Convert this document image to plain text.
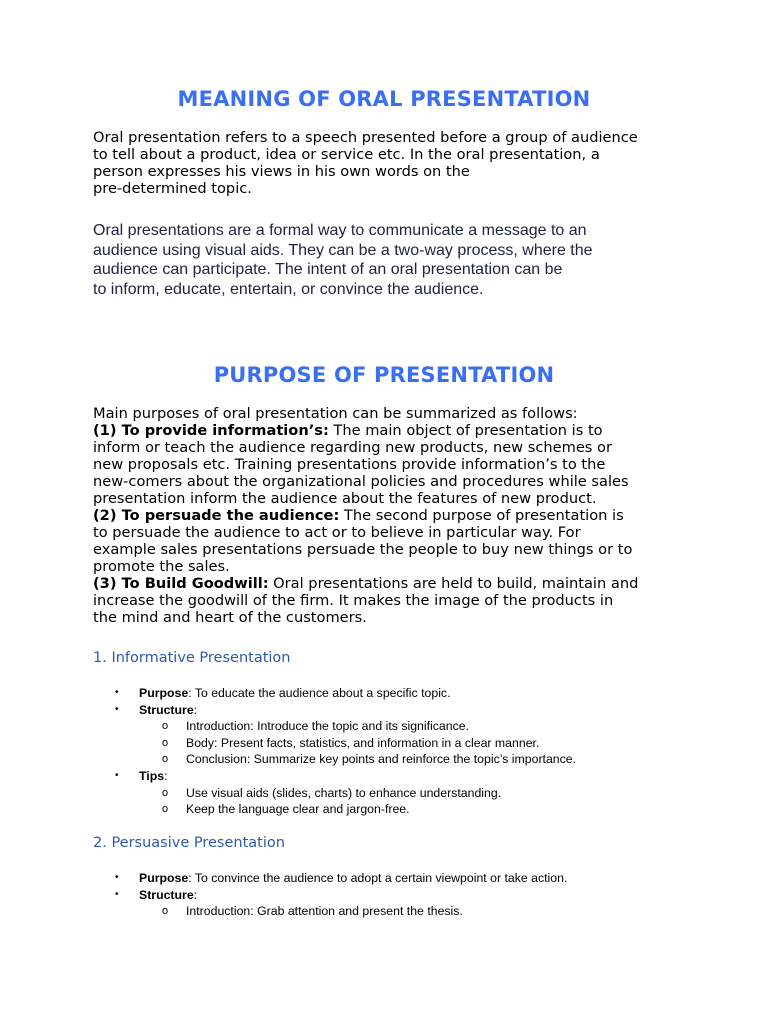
MEANING OF ORAL PRESENTATION

Oral presentation refers to a speech presented before a group of audience
to tell about a product, idea or service etc. In the oral presentation, a
person expresses his views in his own words on the
pre-determined topic.

Oral presentations are a formal way to communicate a message to an
audience using visual aids. They can be a two-way process, where the
audience can participate. The intent of an oral presentation can be
to inform, educate, entertain, or convince the audience.

PURPOSE OF PRESENTATION

Main purposes of oral presentation can be summarized as follows:
(1) To provide information’s: The main object of presentation is to
inform or teach the audience regarding new products, new schemes or
new proposals etc. Training presentations provide information’s to the
new-comers about the organizational policies and procedures while sales
presentation inform the audience about the features of new product.
(2) To persuade the audience: The second purpose of presentation is
to persuade the audience to act or to believe in particular way. For
example sales presentations persuade the people to buy new things or to
promote the sales.
(3) To Build Goodwill: Oral presentations are held to build, maintain and
increase the goodwill of the firm. It makes the image of the products in
the mind and heart of the customers.

1. Informative Presentation
• Purpose: To educate the audience about a specific topic.
• Structure:
o Introduction: Introduce the topic and its significance.
o Body: Present facts, statistics, and information in a clear manner.
o Conclusion: Summarize key points and reinforce the topic’s importance.
• Tips:
o Use visual aids (slides, charts) to enhance understanding.
o Keep the language clear and jargon-free.
2. Persuasive Presentation
• Purpose: To convince the audience to adopt a certain viewpoint or take action.
• Structure:
o Introduction: Grab attention and present the thesis.
